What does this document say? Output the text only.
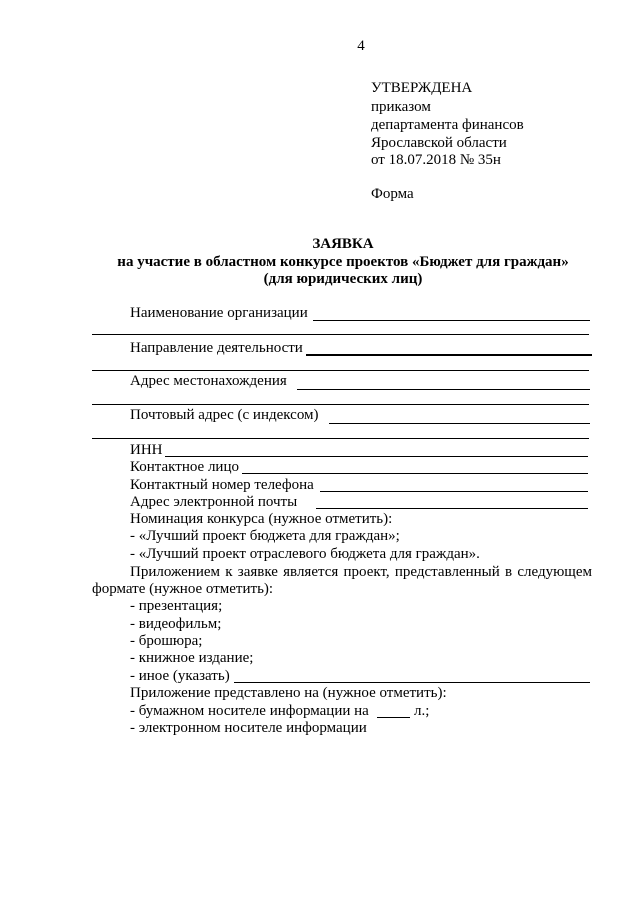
4
УТВЕРЖДЕНА
приказом
департамента финансов
Ярославской области
от 18.07.2018 № 35н
Форма
ЗАЯВКА
на участие в областном конкурсе проектов «Бюджет для граждан»
(для юридических лиц)
Наименование организации
Направление деятельности
Адрес местонахождения
Почтовый адрес (с индексом)
ИНН
Контактное лицо
Контактный номер телефона
Адрес электронной почты
Номинация конкурса (нужное отметить):
- «Лучший проект бюджета для граждан»;
- «Лучший проект отраслевого бюджета для граждан».
Приложением к заявке является проект, представленный в следующем
формате (нужное отметить):
- презентация;
- видеофильм;
- брошюра;
- книжное издание;
- иное (указать)
Приложение представлено на (нужное отметить):
- бумажном носителе информации на	л.;
- электронном носителе информации
